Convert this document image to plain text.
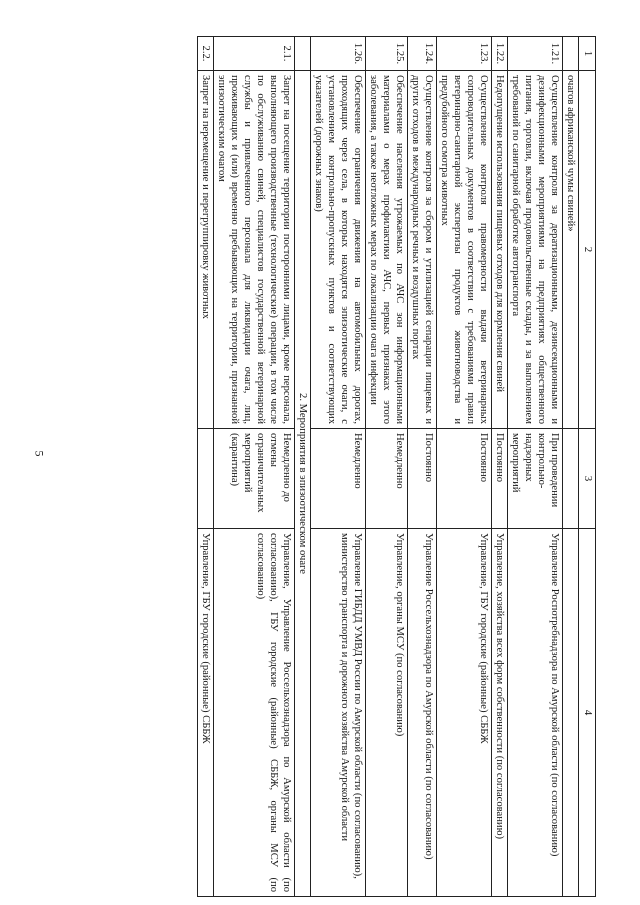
5
1	2	3	4
	очагов африканской чумы свиней»		
1.21.	Осуществление контроля за дератизационными, дезинсекционными и дезинфекционными мероприятиями на предприятиях общественного питания, торговли, включая продовольственные склады, и за выполнением требований по санитарной обработке автотранспорта	При проведении контрольно-надзорных мероприятий	Управление Роспотребнадзора по Амурской области (по согласованию)
1.22.	Недопущение использования пищевых отходов для кормления свиней	Постоянно	Управление, хозяйства всех форм собственности (по согласованию)
1.23.	Осуществление контроля правомерности выдачи ветеринарных сопроводительных документов в соответствии с требованиями правил ветеринарно-санитарной экспертизы продуктов животноводства и предубойного осмотра животных	Постоянно	Управление, ГБУ городские (районные) СББЖ
1.24.	Осуществление контроля за сбором и утилизацией сепарации пищевых и других отходов в международных речных и воздушных портах	Постоянно	Управление Россельхознадзора по Амурской области (по согласованию)
1.25.	Обеспечение населения угрожаемых по АЧС зон информационными материалами о мерах профилактики АЧС, первых признаках этого заболевания, а также неотложных мерах по локализации очага инфекции	Немедленно	Управление, органы МСУ (по согласованию)
1.26.	Обеспечение ограничения движения на автомобильных дорогах, проходящих через села, в которых находятся эпизоотические очаги, с установлением контрольно-пропускных пунктов и соответствующих указателей (дорожных знаков)	Немедленно	Управление ГИБДД УМВД России по Амурской области (по согласованию), министерство транспорта и дорожного хозяйства Амурской области
	2. Мероприятия в эпизоотическом очаге		
2.1.	Запрет на посещение территории посторонними лицами, кроме персонала, выполняющего производственные (технологические) операции, в том числе по обслуживанию свиней, специалистов государственной ветеринарной службы и привлеченного персонала для ликвидации очага, лиц, проживающих и (или) временно пребывающих на территории, признанной эпизоотическим очагом	Немедленно до отмены ограничительных мероприятий (карантина)	Управление, Управление Россельхознадзора по Амурской области (по согласованию), ГБУ городские (районные) СББЖ, органы МСУ (по согласованию)
2.2.	Запрет на перемещение и перегруппировку животных		Управление, ГБУ городские (районные) СББЖ
